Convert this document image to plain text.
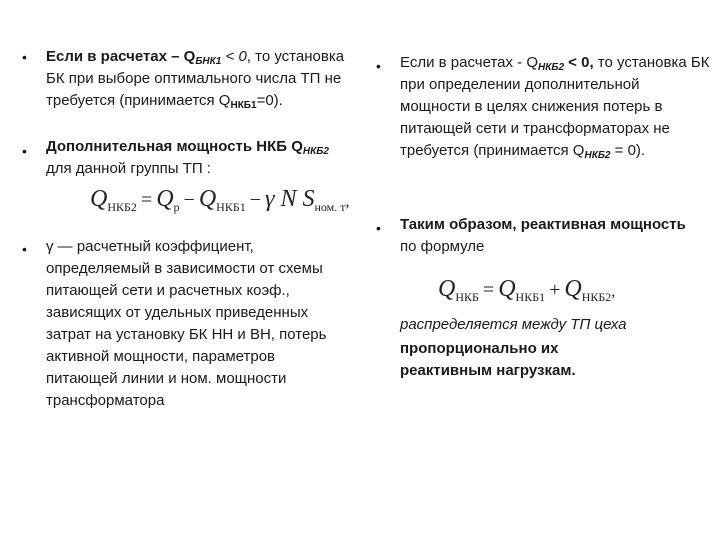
• Если в расчетах – $Q_{БНК1} < 0$, то установка БК при выборе оптимального числа ТП не требуется (принимается $Q_{НКБ1}=0$).
• Дополнительная мощность НКБ $Q_{НКБ2}$ для данной группы ТП :
$Q_{НКБ2} = Q_р - Q_{НКБ1} - \gamma$ N $S_{ном. т}$,
• γ — расчетный коэффициент, определяемый в зависимости от схемы питающей сети и расчетных коэф., зависящих от удельных приведенных затрат на установку БК НН и ВН, потерь активной мощности, параметров питающей линии и ном. мощности трансформатора
• Если в расчетах - $Q_{НКБ2} < 0$, то установка БК при определении дополнительной мощности в целях снижения потерь в питающей сети и трансформаторах не требуется (принимается $Q_{НКБ2} = 0$).
• Таким образом, реактивная мощность по формуле
$Q_{НКБ} = Q_{НКБ1} + Q_{НКБ2}$,
распределяется между ТП цеха
пропорционально их реактивным нагрузкам.
